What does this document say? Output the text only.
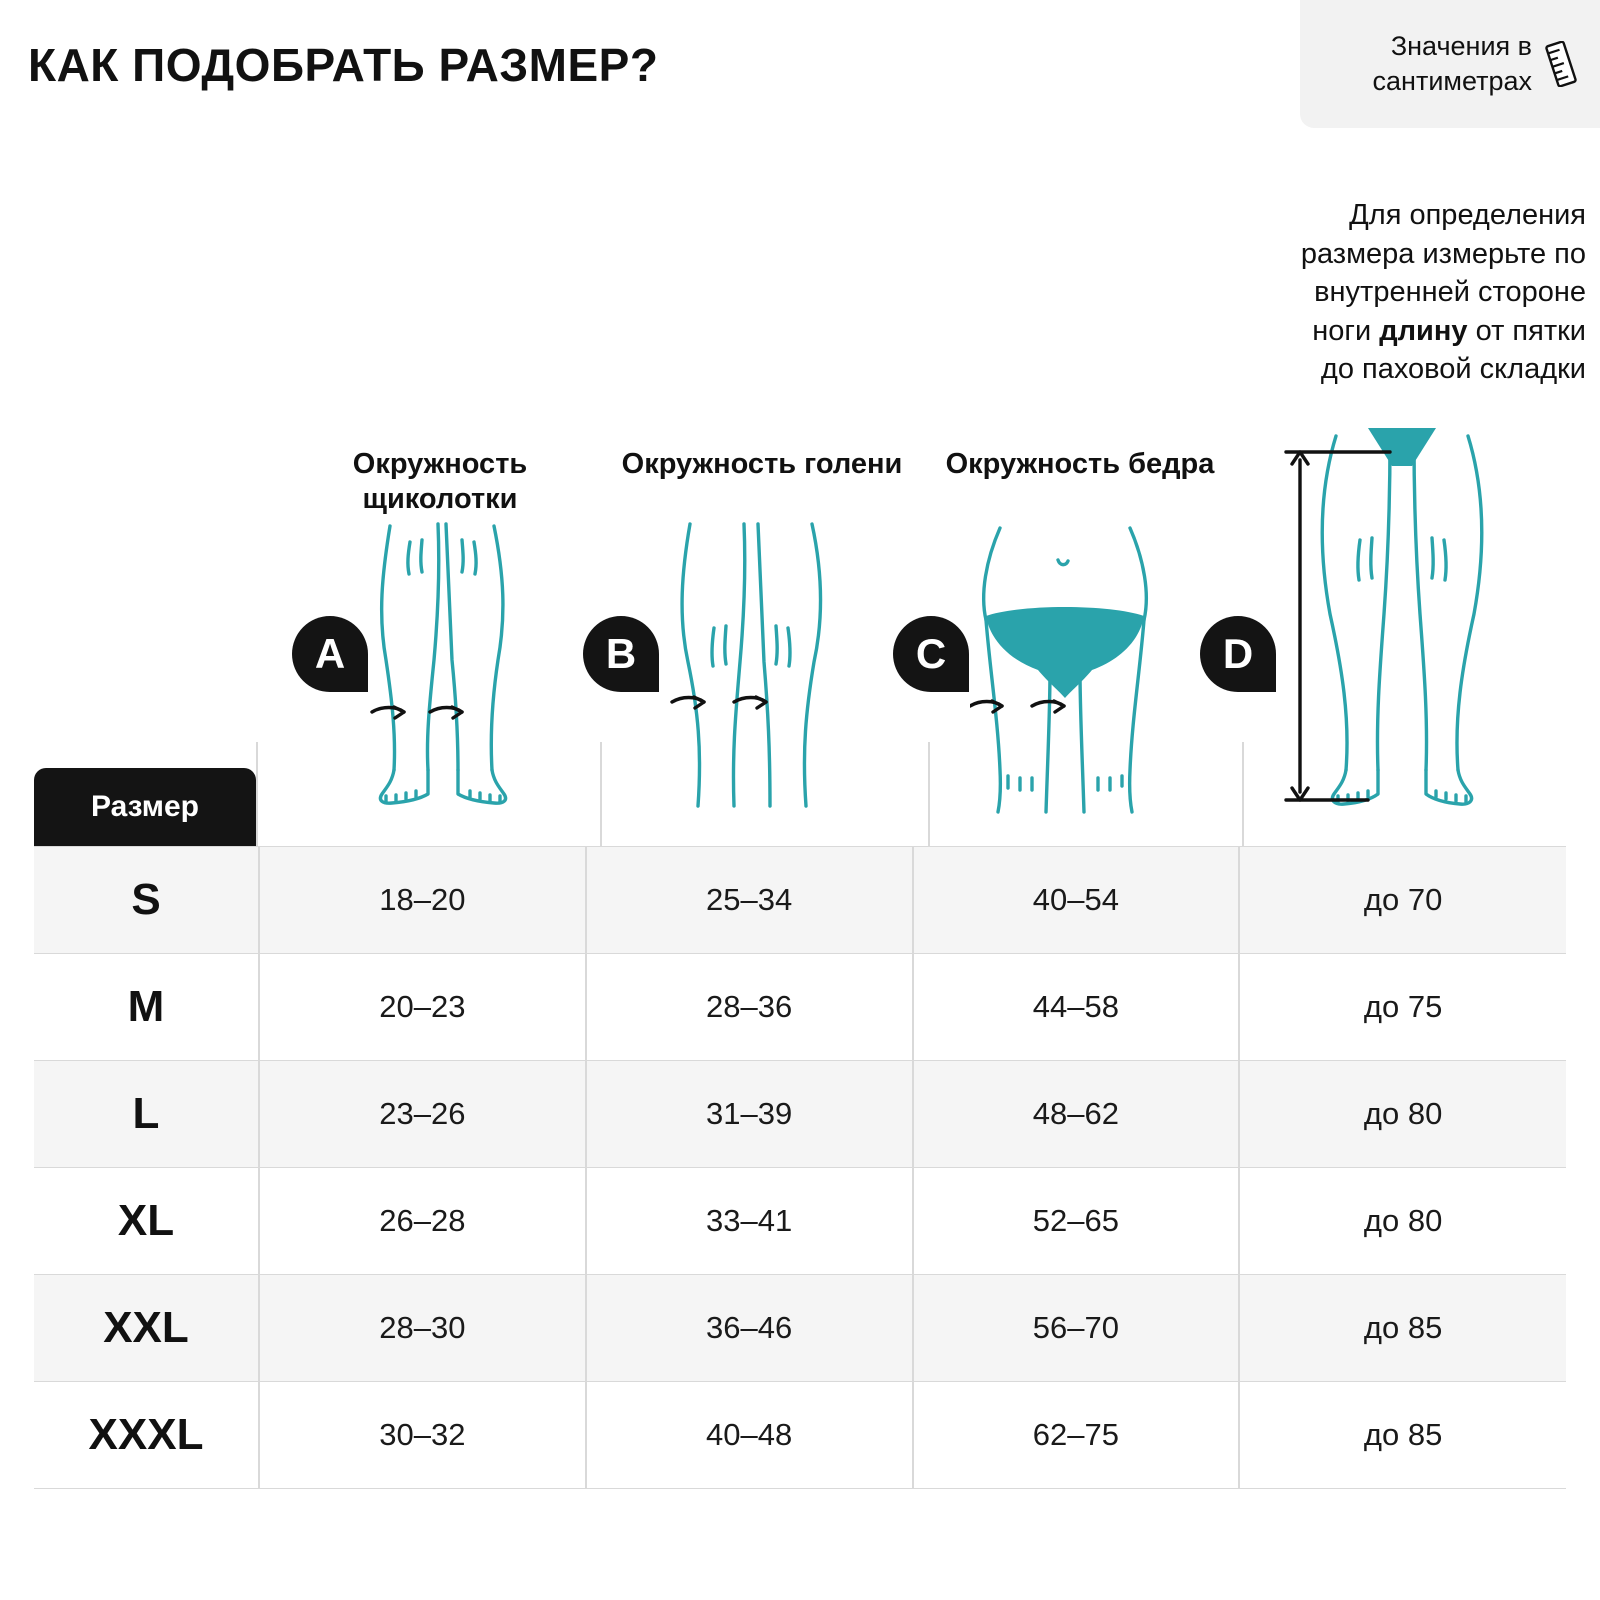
КАК ПОДОБРАТЬ РАЗМЕР?	Значения в сантиметрах
Для определения
размера измерьте по
внутренней стороне
ноги длину от пятки
до паховой складки
Окружность щиколотки
Окружность голени	Окружность бедра
A	B	C	D
Размер
S	18–20	25–34	40–54	до 70
M	20–23	28–36	44–58	до 75
L	23–26	31–39	48–62	до 80
XL	26–28	33–41	52–65	до 80
XXL	28–30	36–46	56–70	до 85
XXXL	30–32	40–48	62–75	до 85
